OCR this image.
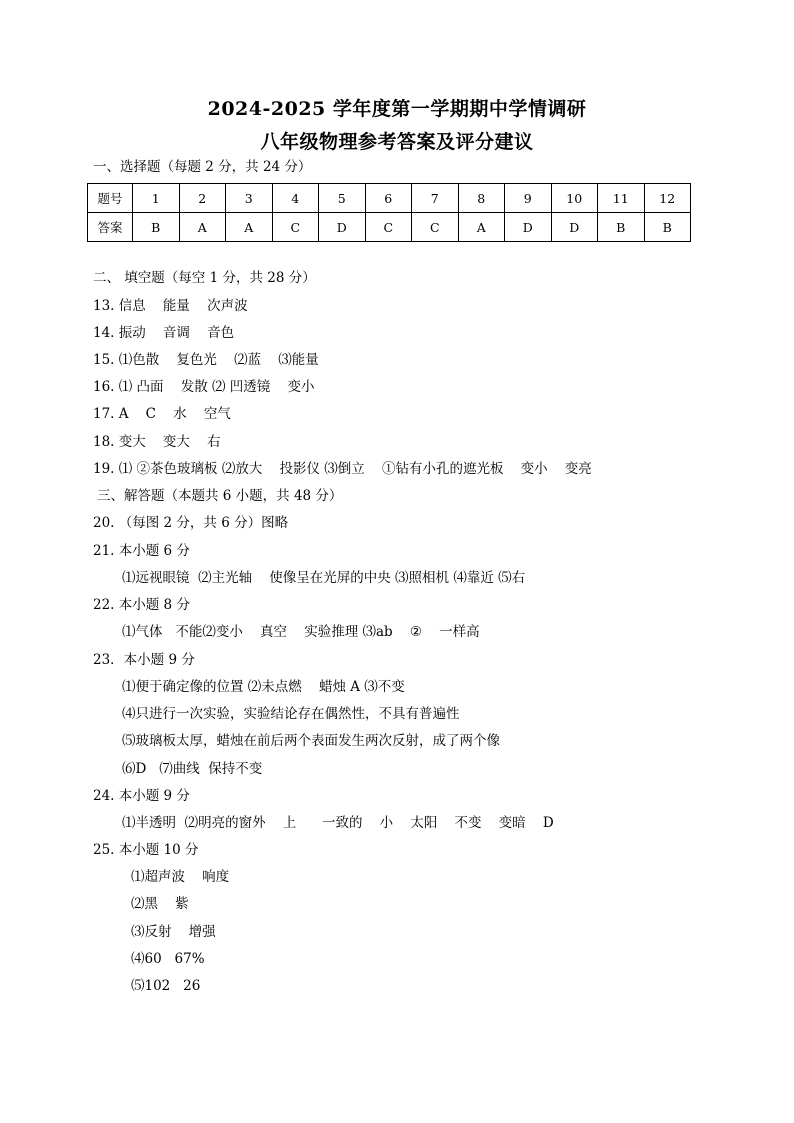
2024-2025 学年度第一学期期中学情调研
八年级物理参考答案及评分建议
一、选择题（每题 2 分，共 24 分）
题号	1	2	3	4	5	6	7	8	9	10	11	12
答案	B	A	A	C	D	C	C	A	D	D	B	B
二、 填空题（每空 1 分，共 28 分）
13. 信息    能量    次声波
14. 振动    音调    音色
15. ⑴色散    复色光    ⑵蓝    ⑶能量
16. ⑴ 凸面    发散 ⑵ 凹透镜    变小
17. A    C    水    空气
18. 变大    变大    右
19. ⑴ ②茶色玻璃板 ⑵放大    投影仪 ⑶倒立    ①钻有小孔的遮光板    变小    变亮
三、解答题（本题共 6 小题，共 48 分）
20. （每图 2 分，共 6 分）图略
21. 本小题 6 分
⑴远视眼镜  ⑵主光轴    使像呈在光屏的中央 ⑶照相机 ⑷靠近 ⑸右
22. 本小题 8 分
⑴气体   不能⑵变小    真空    实验推理 ⑶ab    ②    一样高
23．本小题 9 分
⑴便于确定像的位置 ⑵未点燃    蜡烛 A ⑶不变
⑷只进行一次实验，实验结论存在偶然性，不具有普遍性
⑸玻璃板太厚，蜡烛在前后两个表面发生两次反射，成了两个像
⑹D   ⑺曲线  保持不变
24. 本小题 9 分
⑴半透明  ⑵明亮的窗外    上      一致的    小    太阳    不变    变暗    D
25. 本小题 10 分
⑴超声波    响度
⑵黑    紫
⑶反射    增强
⑷60   67%
⑸102   26
